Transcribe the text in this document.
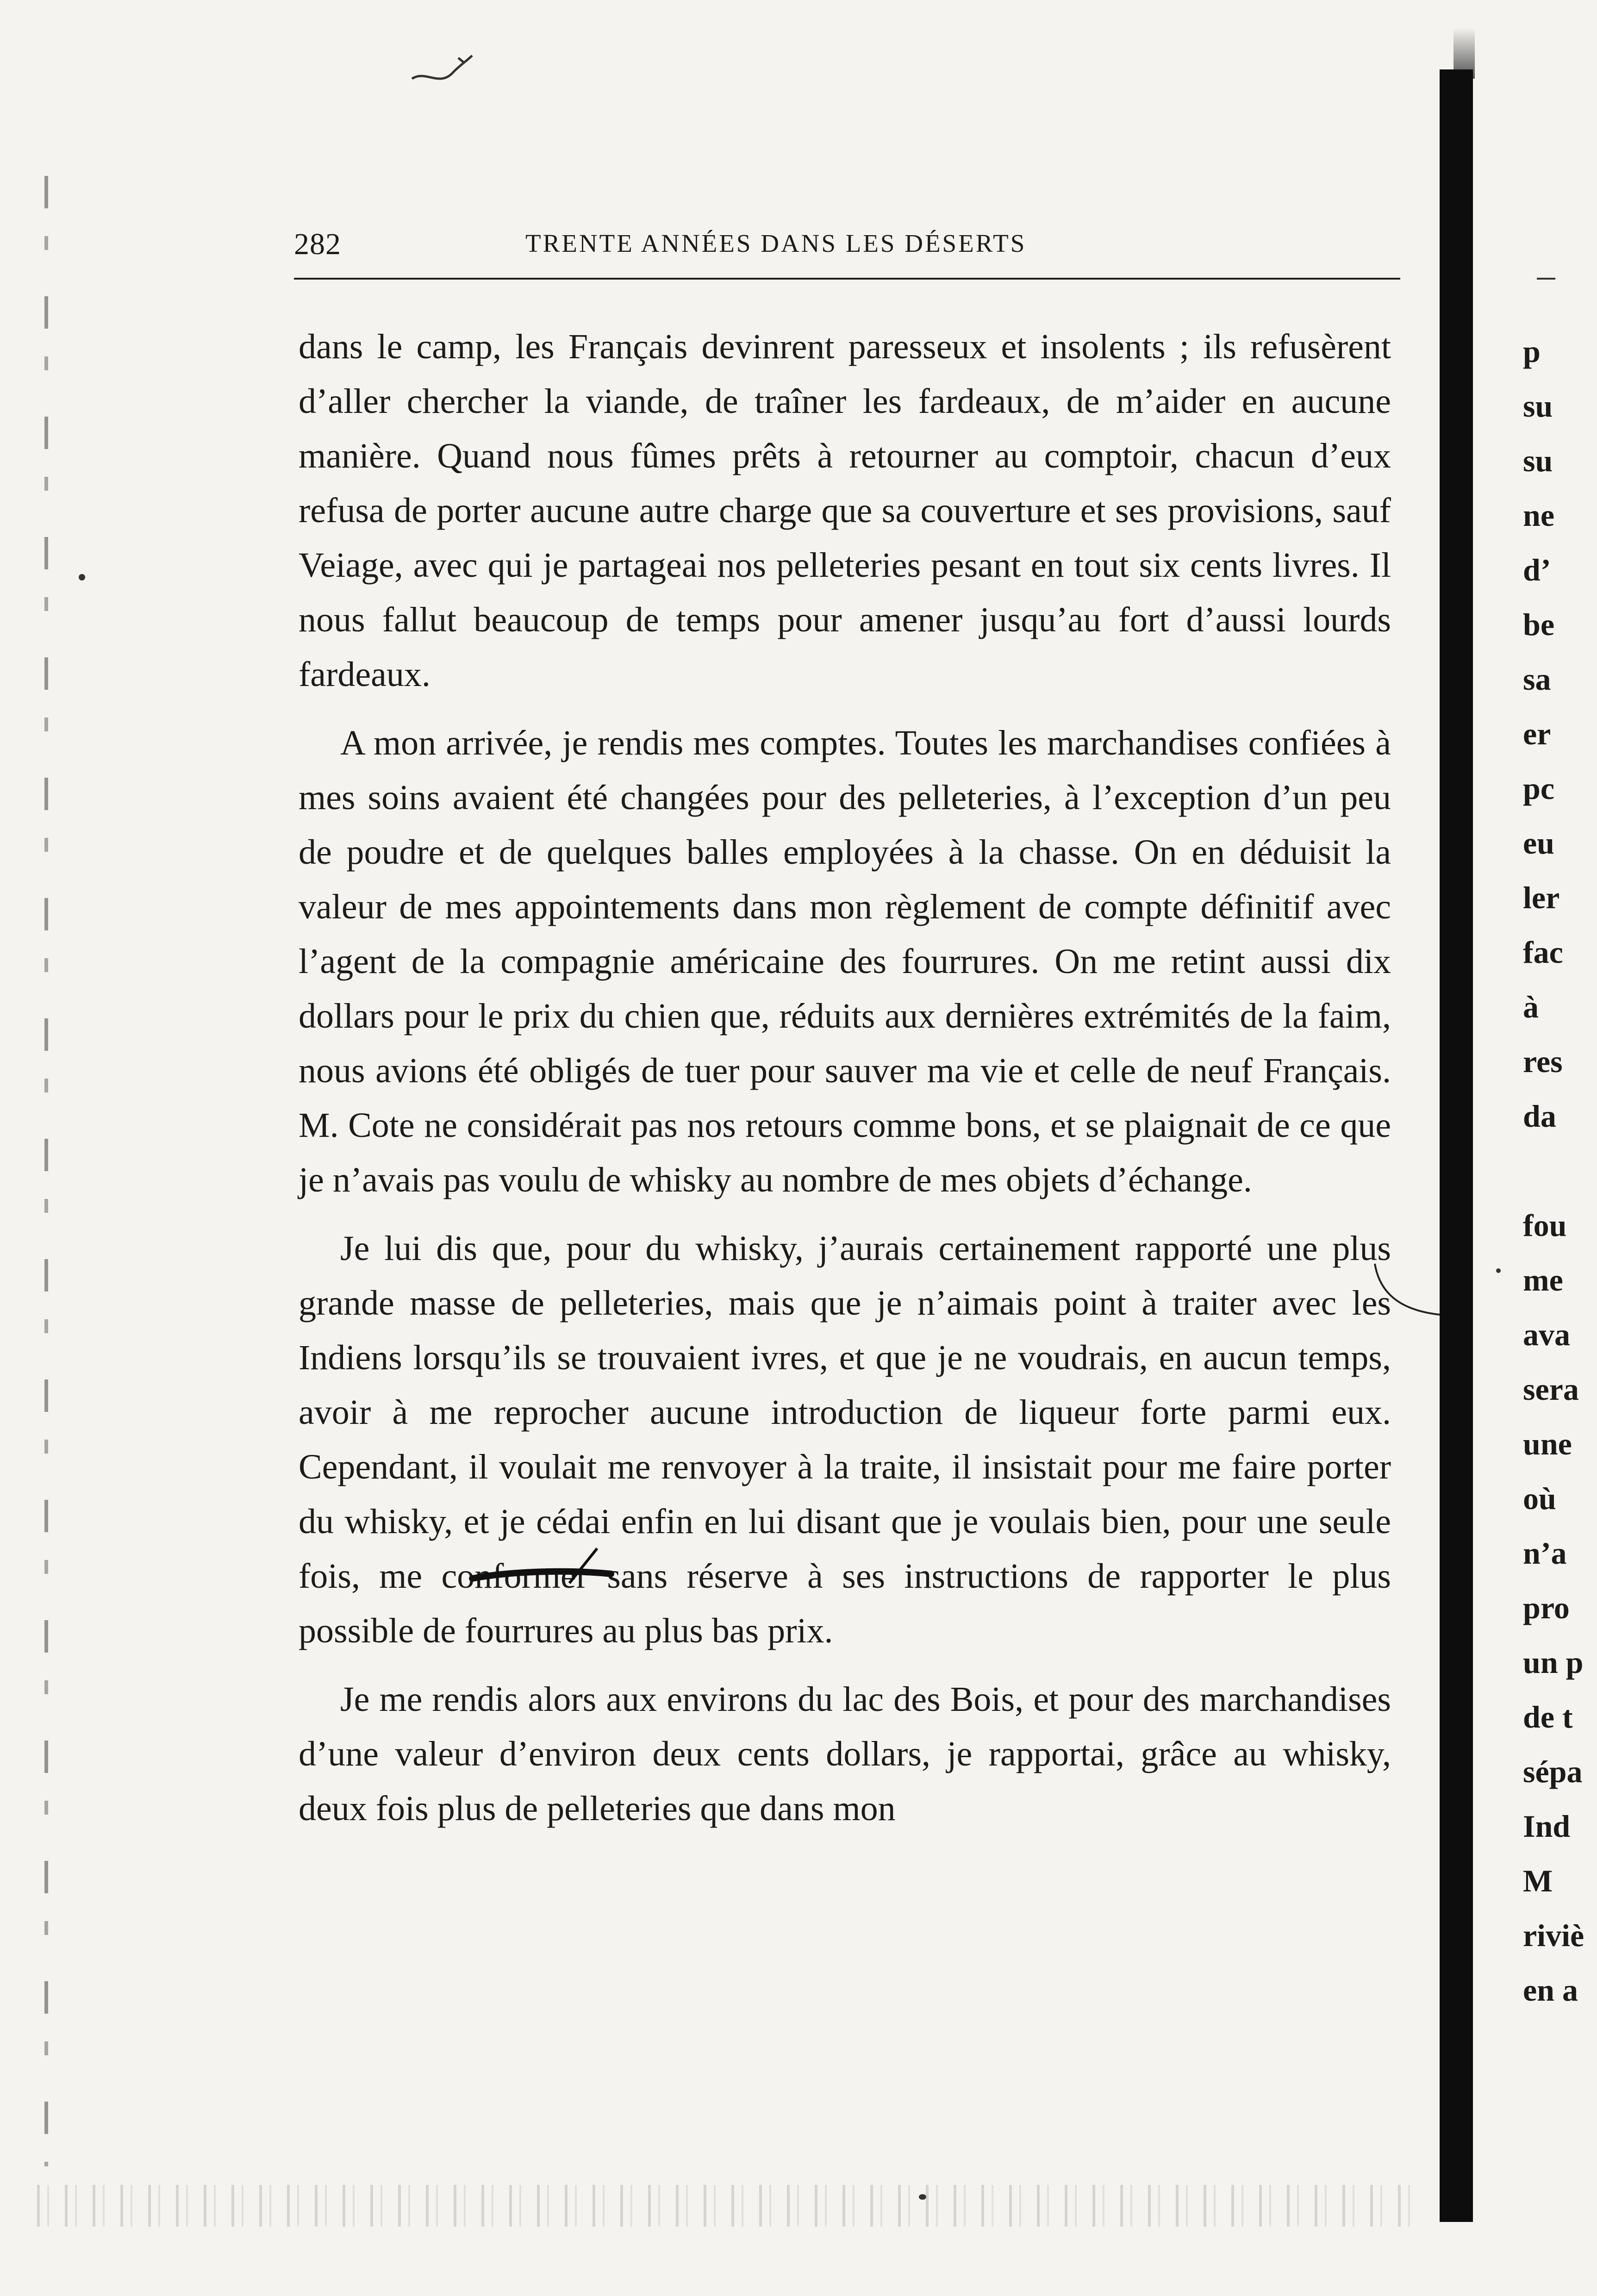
282	TRENTE ANNÉES DANS LES DÉSERTS

dans le camp, les Français devinrent paresseux et insolents ; ils refusèrent d’aller chercher la viande, de traîner les fardeaux, de m’aider en aucune manière. Quand nous fûmes prêts à retourner au comptoir, chacun d’eux refusa de porter aucune autre charge que sa couverture et ses provisions, sauf Veiage, avec qui je partageai nos pelleteries pesant en tout six cents livres. Il nous fallut beaucoup de temps pour amener jusqu’au fort d’aussi lourds fardeaux.

A mon arrivée, je rendis mes comptes. Toutes les marchandises confiées à mes soins avaient été changées pour des pelleteries, à l’exception d’un peu de poudre et de quelques balles employées à la chasse. On en déduisit la valeur de mes appointements dans mon règlement de compte définitif avec l’agent de la compagnie américaine des fourrures. On me retint aussi dix dollars pour le prix du chien que, réduits aux dernières extrémités de la faim, nous avions été obligés de tuer pour sauver ma vie et celle de neuf Français. M. Cote ne considérait pas nos retours comme bons, et se plaignait de ce que je n’avais pas voulu de whisky au nombre de mes objets d’échange.

Je lui dis que, pour du whisky, j’aurais certainement rapporté une plus grande masse de pelleteries, mais que je n’aimais point à traiter avec les Indiens lorsqu’ils se trouvaient ivres, et que je ne voudrais, en aucun temps, avoir à me reprocher aucune introduction de liqueur forte parmi eux. Cependant, il voulait me renvoyer à la traite, il insistait pour me faire porter du whisky, et je cédai enfin en lui disant que je voulais bien, pour une seule fois, me conformer sans réserve à ses instructions de rapporter le plus possible de fourrures au plus bas prix.

Je me rendis alors aux environs du lac des Bois, et pour des marchandises d’une valeur d’environ deux cents dollars, je rapportai, grâce au whisky, deux fois plus de pelleteries que dans mon

p
su
su
ne
d’
be
sa
er
pc
eu
ler
fac
à
res
da
fou
me
ava
sera
une
où
n’a
pro
un p
de t
sépa
Ind
M
riviè
en a
